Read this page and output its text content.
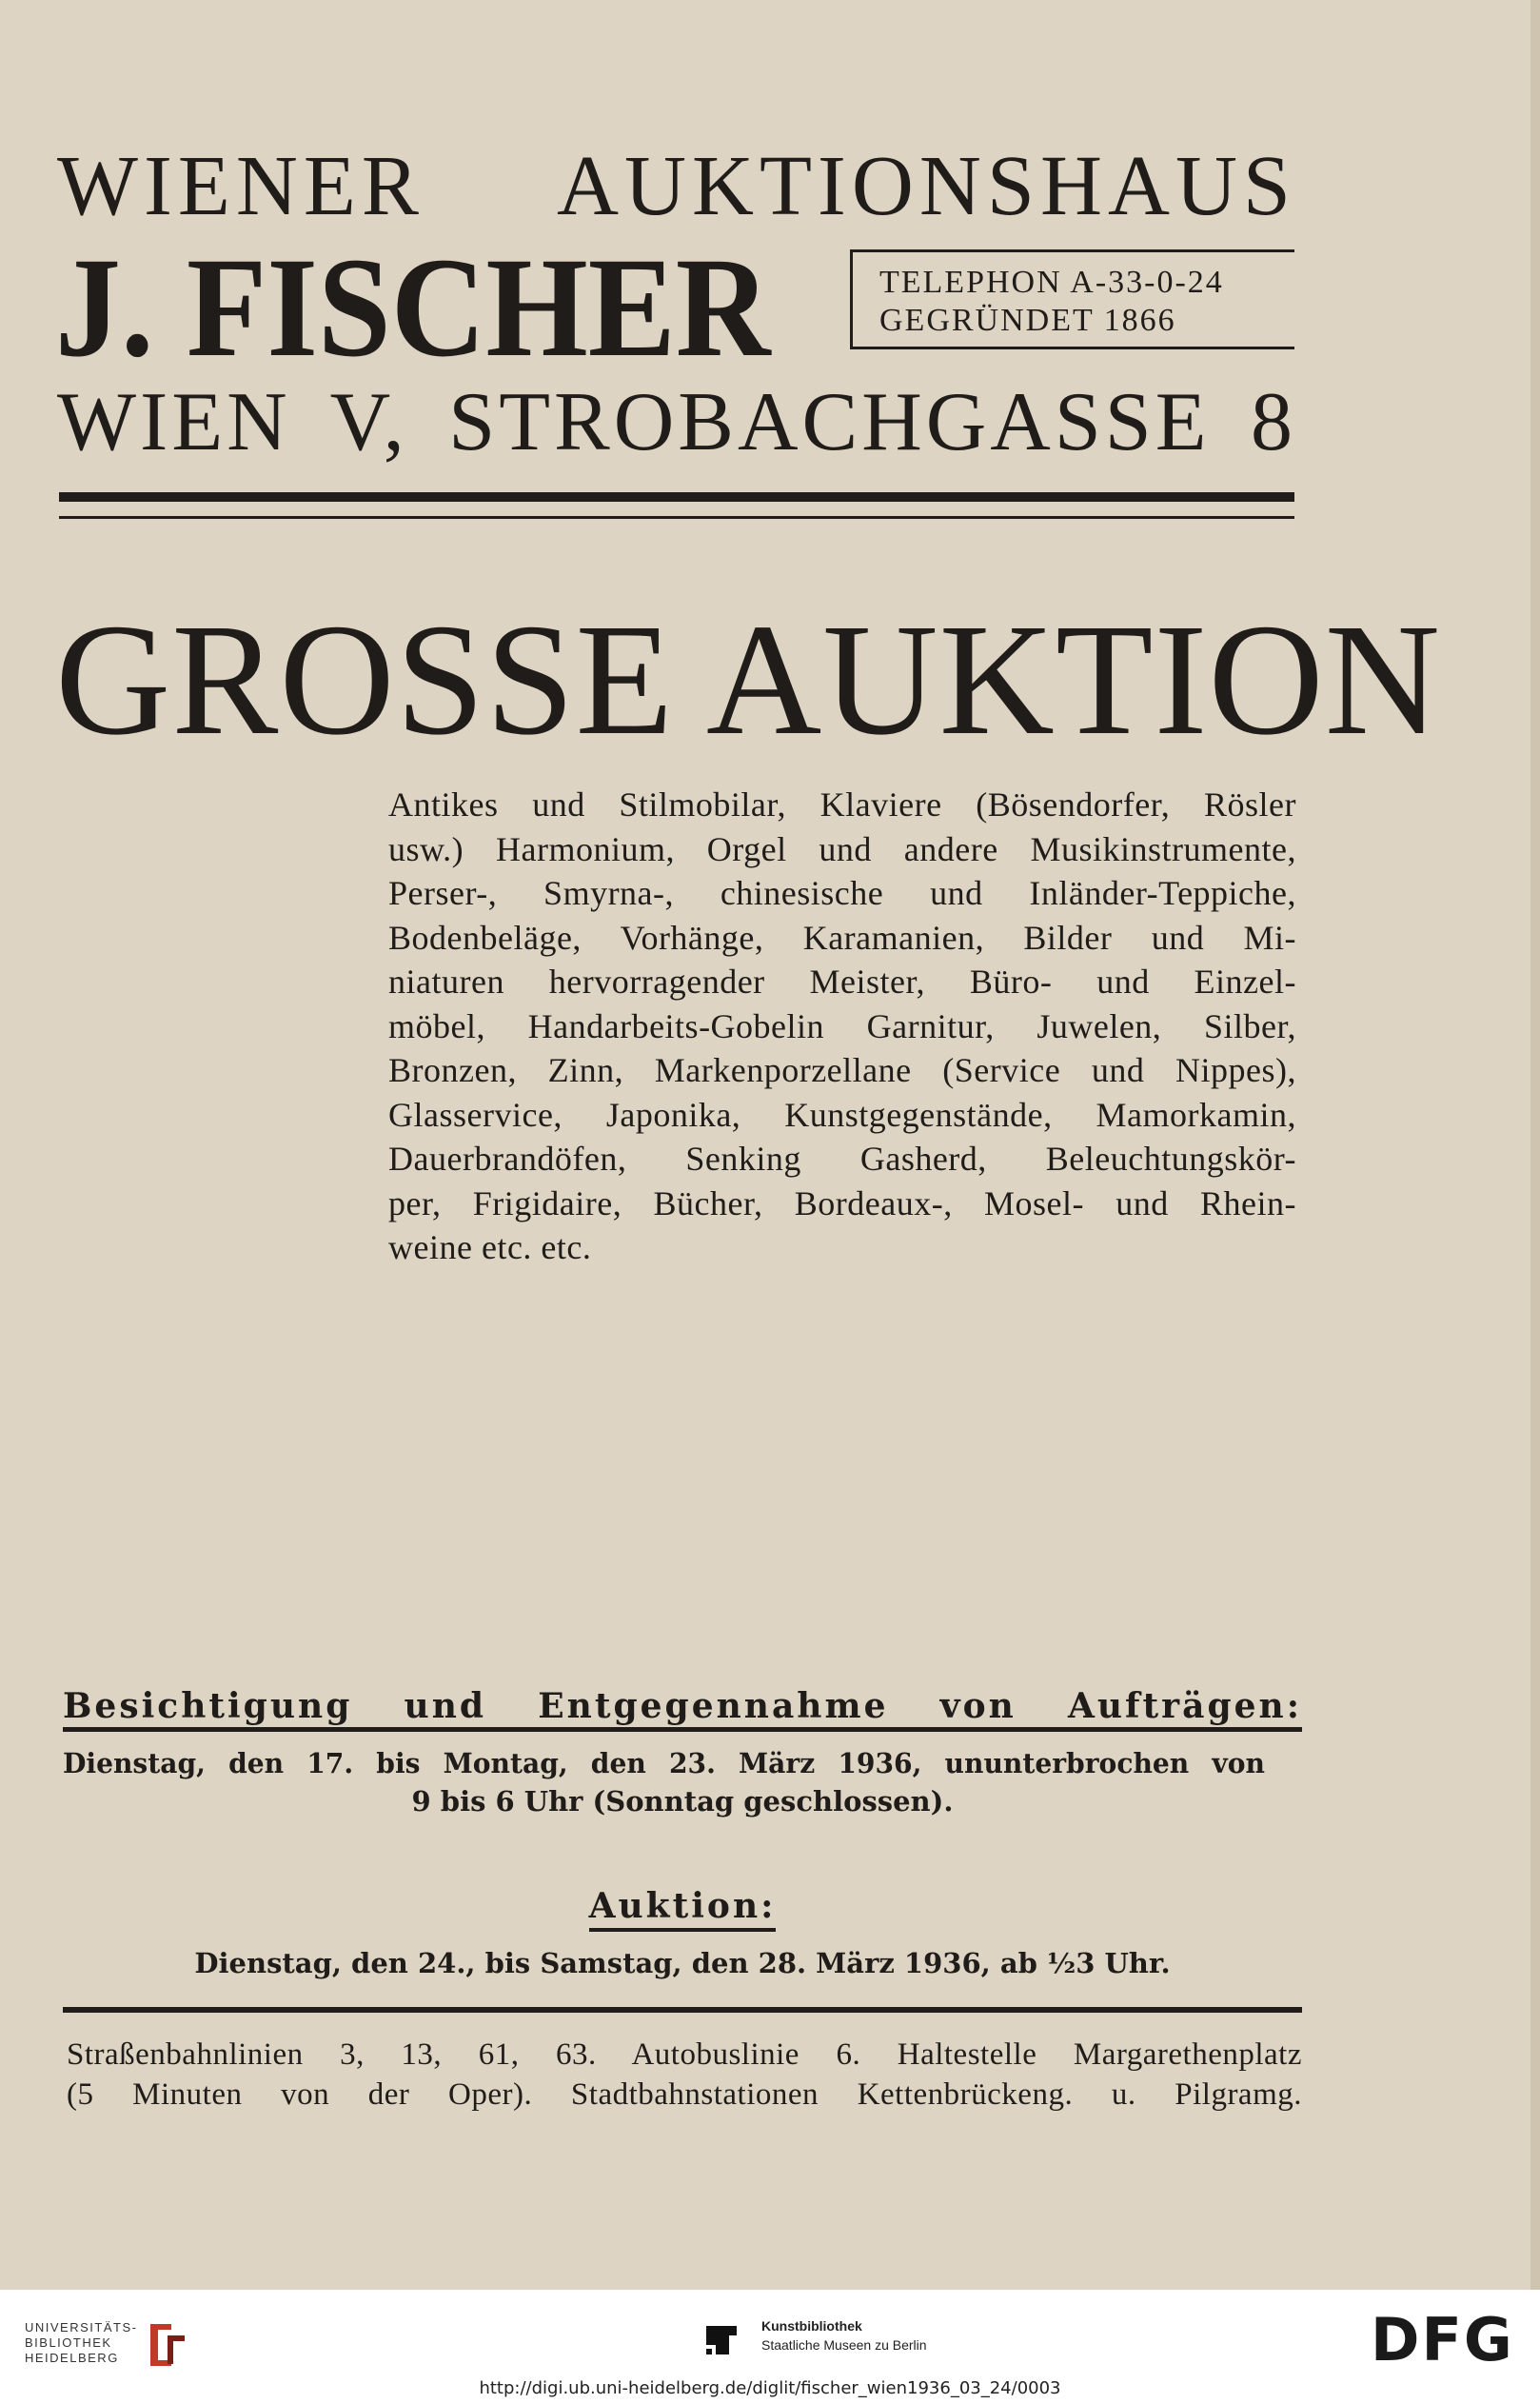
WIENER AUKTIONSHAUS
J. FISCHER	TELEPHON A-33-0-24
GEGRÜNDET 1866
WIEN V, STROBACHGASSE 8
GROSSE AUKTION
Antikes und Stilmobilar, Klaviere (Bösendorfer, Rösler
usw.) Harmonium, Orgel und andere Musikinstrumente,
Perser-, Smyrna-, chinesische und Inländer-Teppiche,
Bodenbeläge, Vorhänge, Karamanien, Bilder und Mi-
niaturen hervorragender Meister, Büro- und Einzel-
möbel, Handarbeits-Gobelin Garnitur, Juwelen, Silber,
Bronzen, Zinn, Markenporzellane (Service und Nippes),
Glasservice, Japonika, Kunstgegenstände, Mamorkamin,
Dauerbrandöfen, Senking Gasherd, Beleuchtungskör-
per, Frigidaire, Bücher, Bordeaux-, Mosel- und Rhein-
weine etc. etc.
Besichtigung und Entgegennahme von Aufträgen:
Dienstag, den 17. bis Montag, den 23. März 1936, ununterbrochen von
9 bis 6 Uhr (Sonntag geschlossen).
Auktion:
Dienstag, den 24., bis Samstag, den 28. März 1936, ab ½3 Uhr.
Straßenbahnlinien 3, 13, 61, 63. Autobuslinie 6. Haltestelle Margarethenplatz
(5 Minuten von der Oper). Stadtbahnstationen Kettenbrückeng. u. Pilgramg.
UNIVERSITÄTS-
BIBLIOTHEK
HEIDELBERG
Kunstbibliothek
Staatliche Museen zu Berlin	DFG
http://digi.ub.uni-heidelberg.de/diglit/fischer_wien1936_03_24/0003
